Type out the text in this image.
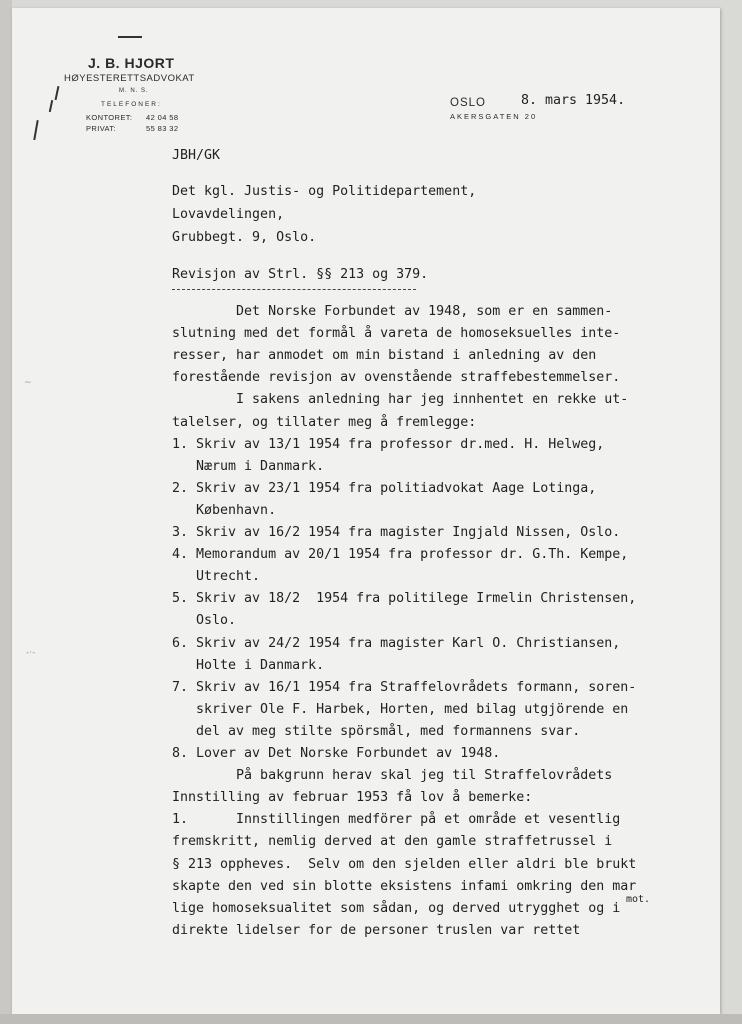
J. B. HJORT
HØYESTERETTSADVOKAT
M. N. S.
TELEFONER:
KONTORET: 42 04 58
PRIVAT:	55 83 32
OSLO
AKERSGATEN 20
8. mars 1954.
JBH/GK
Det kgl. Justis- og Politidepartement,
Lovavdelingen,
Grubbegt. 9, Oslo.
Revisjon av Strl. §§ 213 og 379.
Det Norske Forbundet av 1948, som er en sammen-
slutning med det formål å vareta de homoseksuelles inte-
resser, har anmodet om min bistand i anledning av den
forestående revisjon av ovenstående straffebestemmelser.
I sakens anledning har jeg innhentet en rekke ut-
talelser, og tillater meg å fremlegge:
1. Skriv av 13/1 1954 fra professor dr.med. H. Helweg,
Nærum i Danmark.
2. Skriv av 23/1 1954 fra politiadvokat Aage Lotinga,
København.
3. Skriv av 16/2 1954 fra magister Ingjald Nissen, Oslo.
4. Memorandum av 20/1 1954 fra professor dr. G.Th. Kempe,
Utrecht.
5. Skriv av 18/2  1954 fra politilege Irmelin Christensen,
Oslo.
6. Skriv av 24/2 1954 fra magister Karl O. Christiansen,
Holte i Danmark.
7. Skriv av 16/1 1954 fra Straffelovrådets formann, soren-
skriver Ole F. Harbek, Horten, med bilag utgjörende en
del av meg stilte spörsmål, med formannens svar.
8. Lover av Det Norske Forbundet av 1948.
På bakgrunn herav skal jeg til Straffelovrådets
Innstilling av februar 1953 få lov å bemerke:
1.      Innstillingen medförer på et område et vesentlig
fremskritt, nemlig derved at den gamle straffetrussel i
§ 213 oppheves.  Selv om den sjelden eller aldri ble brukt
skapte den ved sin blotte eksistens infami omkring den mar
lige homoseksualitet som sådan, og derved utrygghet og i
direkte lidelser for de personer truslen var rettet
mot.
~
-·-
